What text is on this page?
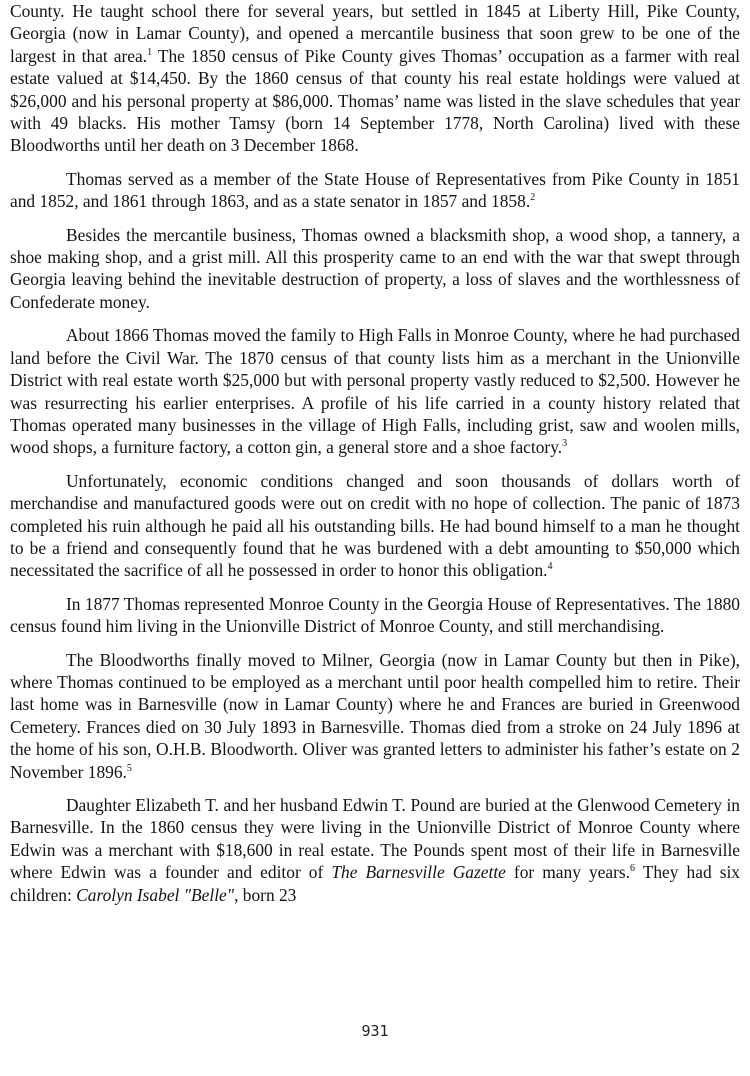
County. He taught school there for several years, but settled in 1845 at Liberty Hill, Pike County, Georgia (now in Lamar County), and opened a mercantile business that soon grew to be one of the largest in that area.$^1$ The 1850 census of Pike County gives Thomas’ occupation as a farmer with real estate valued at $14,450. By the 1860 census of that county his real estate holdings were valued at $26,000 and his personal property at $86,000. Thomas’ name was listed in the slave schedules that year with 49 blacks. His mother Tamsy (born 14 September 1778, North Carolina) lived with these Bloodworths until her death on 3 December 1868.

Thomas served as a member of the State House of Representatives from Pike County in 1851 and 1852, and 1861 through 1863, and as a state senator in 1857 and 1858.$^2$

Besides the mercantile business, Thomas owned a blacksmith shop, a wood shop, a tannery, a shoe making shop, and a grist mill. All this prosperity came to an end with the war that swept through Georgia leaving behind the inevitable destruction of property, a loss of slaves and the worthlessness of Confederate money.

About 1866 Thomas moved the family to High Falls in Monroe County, where he had purchased land before the Civil War. The 1870 census of that county lists him as a merchant in the Unionville District with real estate worth $25,000 but with personal property vastly reduced to $2,500. However he was resurrecting his earlier enterprises. A profile of his life carried in a county history related that Thomas operated many businesses in the village of High Falls, including grist, saw and woolen mills, wood shops, a furniture factory, a cotton gin, a general store and a shoe factory.$^3$

Unfortunately, economic conditions changed and soon thousands of dollars worth of merchandise and manufactured goods were out on credit with no hope of collection. The panic of 1873 completed his ruin although he paid all his outstanding bills. He had bound himself to a man he thought to be a friend and consequently found that he was burdened with a debt amounting to $50,000 which necessitated the sacrifice of all he possessed in order to honor this obligation.$^4$

In 1877 Thomas represented Monroe County in the Georgia House of Representatives. The 1880 census found him living in the Unionville District of Monroe County, and still merchandising.

The Bloodworths finally moved to Milner, Georgia (now in Lamar County but then in Pike), where Thomas continued to be employed as a merchant until poor health compelled him to retire. Their last home was in Barnesville (now in Lamar County) where he and Frances are buried in Greenwood Cemetery. Frances died on 30 July 1893 in Barnesville. Thomas died from a stroke on 24 July 1896 at the home of his son, O.H.B. Bloodworth. Oliver was granted letters to administer his father’s estate on 2 November 1896.$^5$

Daughter Elizabeth T. and her husband Edwin T. Pound are buried at the Glenwood Cemetery in Barnesville. In the 1860 census they were living in the Unionville District of Monroe County where Edwin was a merchant with $18,600 in real estate. The Pounds spent most of their life in Barnesville where Edwin was a founder and editor of The Barnesville Gazette for many years.$^6$ They had six children: Carolyn Isabel "Belle", born 23

931
